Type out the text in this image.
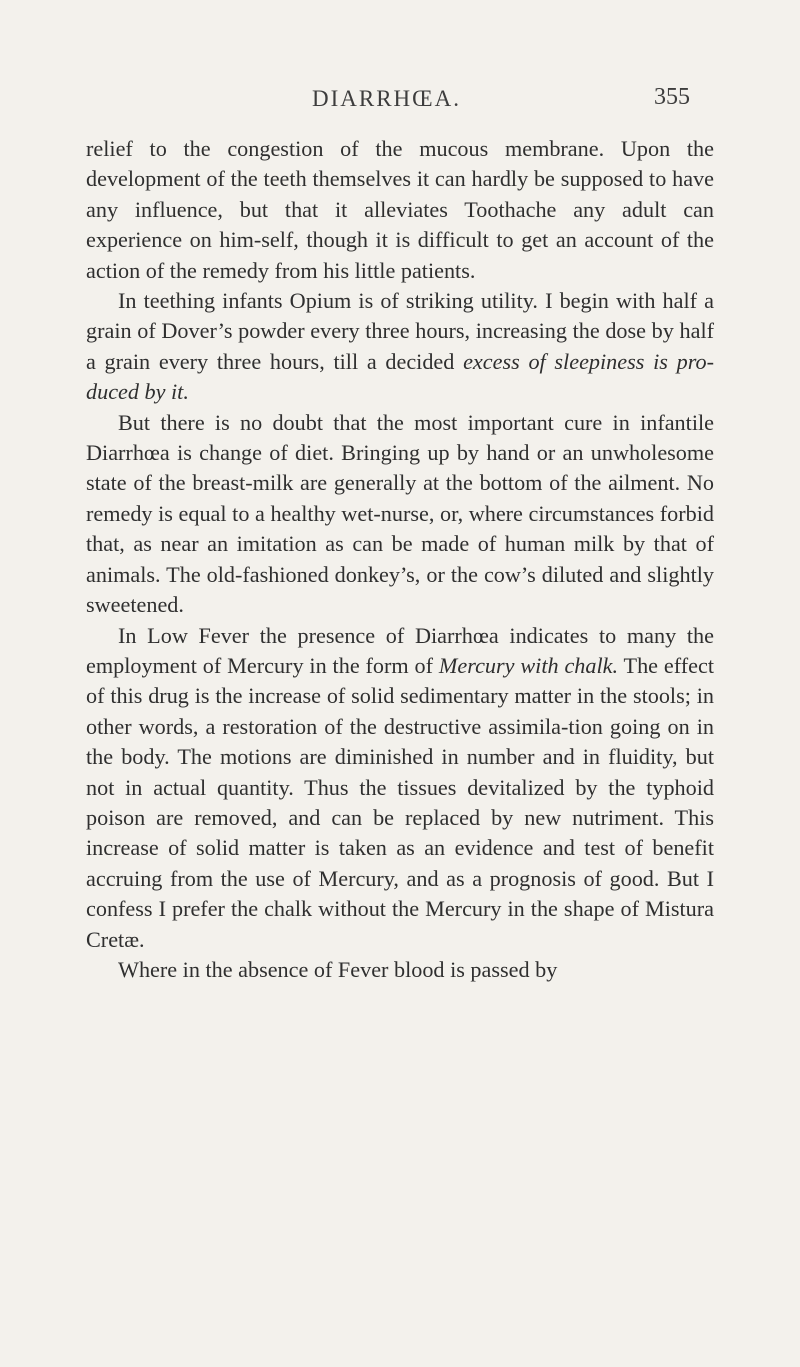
DIARRHŒA.	355

relief to the congestion of the mucous membrane. Upon the development of the teeth themselves it can hardly be supposed to have any influence, but that it alleviates Toothache any adult can experience on him-self, though it is difficult to get an account of the action of the remedy from his little patients.

In teething infants Opium is of striking utility. I begin with half a grain of Dover’s powder every three hours, increasing the dose by half a grain every three hours, till a decided excess of sleepiness is pro-duced by it.

But there is no doubt that the most important cure in infantile Diarrhœa is change of diet. Bringing up by hand or an unwholesome state of the breast-milk are generally at the bottom of the ailment. No remedy is equal to a healthy wet-nurse, or, where circumstances forbid that, as near an imitation as can be made of human milk by that of animals. The old-fashioned donkey’s, or the cow’s diluted and slightly sweetened.

In Low Fever the presence of Diarrhœa indicates to many the employment of Mercury in the form of Mercury with chalk. The effect of this drug is the increase of solid sedimentary matter in the stools; in other words, a restoration of the destructive assimila-tion going on in the body. The motions are diminished in number and in fluidity, but not in actual quantity. Thus the tissues devitalized by the typhoid poison are removed, and can be replaced by new nutriment. This increase of solid matter is taken as an evidence and test of benefit accruing from the use of Mercury, and as a prognosis of good. But I confess I prefer the chalk without the Mercury in the shape of Mistura Cretæ.

Where in the absence of Fever blood is passed by
